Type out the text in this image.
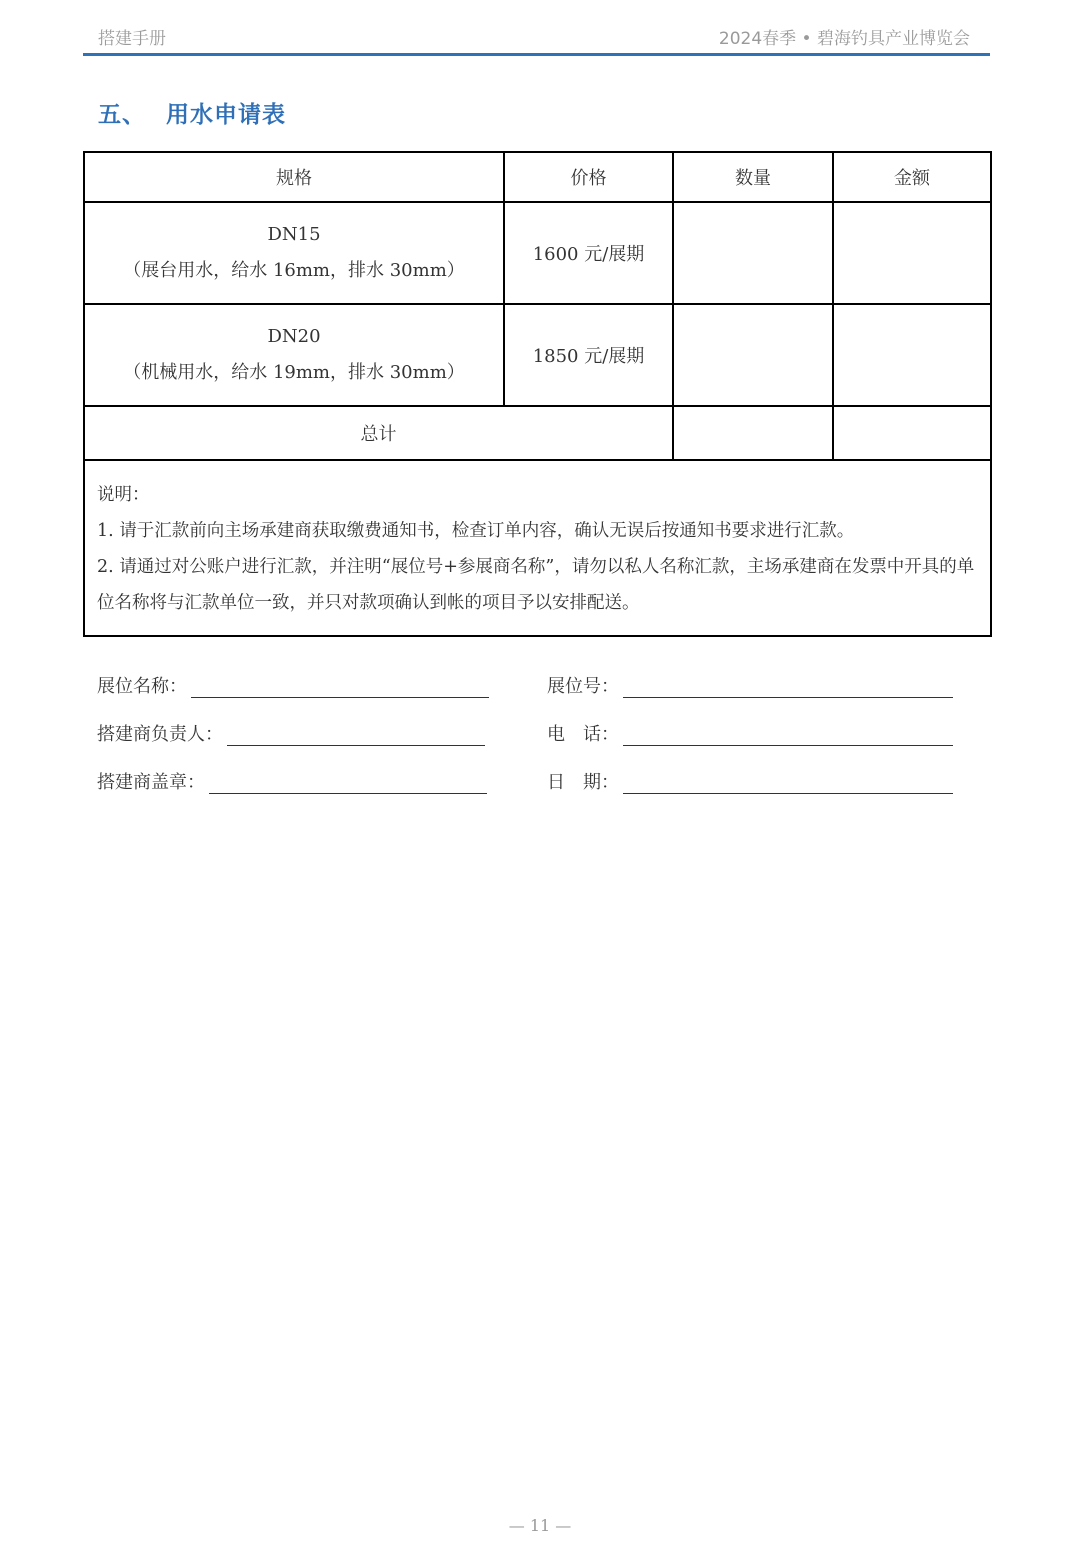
搭建手册	2024春季 • 碧海钓具产业博览会
五、 用水申请表
规格	价格	数量	金额

DN15
（展台用水，给水 16mm，排水 30mm）	1600 元/展期		

DN20
（机械用水，给水 19mm，排水 30mm）	1850 元/展期		
总计			

说明：
1. 请于汇款前向主场承建商获取缴费通知书，检查订单内容，确认无误后按通知书要求进行汇款。
2. 请通过对公账户进行汇款，并注明“展位号+参展商名称”，请勿以私人名称汇款，主场承建商在发票中开具的单位名称将与汇款单位一致，并只对款项确认到帐的项目予以安排配送。			
展位名称：	展位号：
搭建商负责人：	电　话：
搭建商盖章：	日　期：
— 11 —
